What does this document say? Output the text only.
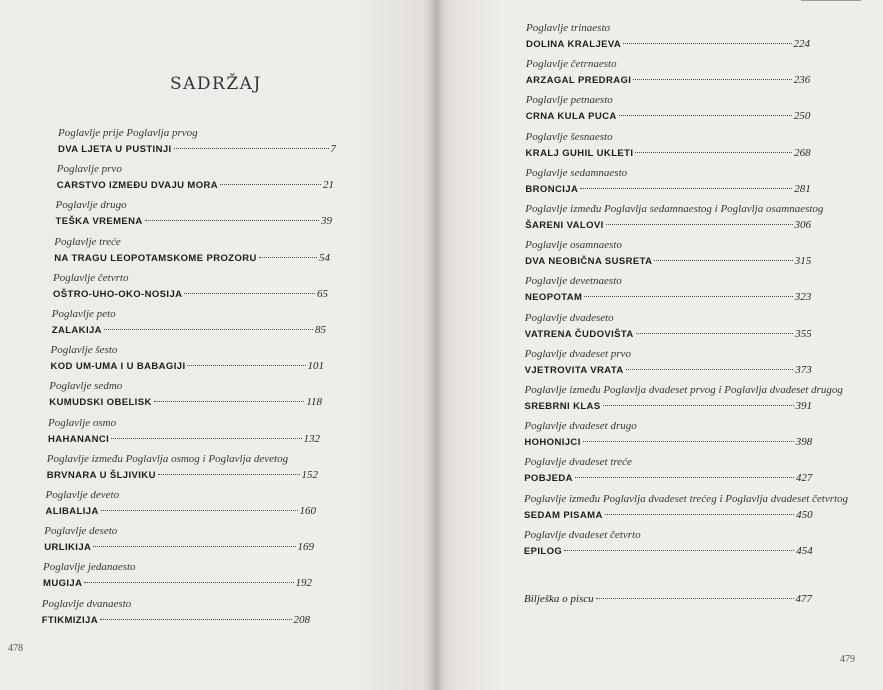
SADRŽAJ
Poglavlje prije Poglavlja prvog
DVA LJETA U PUSTINJI	7
Poglavlje prvo
CARSTVO IZMEĐU DVAJU MORA	21
Poglavlje drugo
TEŠKA VREMENA	39
Poglavlje treće
NA TRAGU LEOPOTAMSKOME PROZORU	54
Poglavlje četvrto
OŠTRO-UHO-OKO-NOSIJA	65
Poglavlje peto
ZALAKIJA	85
Poglavlje šesto
KOD UM-UMA I U BABAGIJI	101
Poglavlje sedmo
KUMUDSKI OBELISK	118
Poglavlje osmo
HAHANANCI	132
Poglavlje između Poglavlja osmog i Poglavlja devetog
BRVNARA U ŠLJIVIKU	152
Poglavlje deveto
ALIBALIJA	160
Poglavlje deseto
URLIKIJA	169
Poglavlje jedanaesto
MUGIJA	192
Poglavlje dvanaesto
FTIKMIZIJA	208
478
Poglavlje trinaesto
DOLINA KRALJEVA	224
Poglavlje četrnaesto
ARZAGAL PREDRAGI	236
Poglavlje petnaesto
CRNA KULA PUCA	250
Poglavlje šesnaesto
KRALJ GUHIL UKLETI	268
Poglavlje sedamnaesto
BRONCIJA	281
Poglavlje između Poglavlja sedamnaestog i Poglavlja osamnaestog
ŠARENI VALOVI	306
Poglavlje osamnaesto
DVA NEOBIČNA SUSRETA	315
Poglavlje devetnaesto
NEOPOTAM	323
Poglavlje dvadeseto
VATRENA ČUDOVIŠTA	355
Poglavlje dvadeset prvo
VJETROVITA VRATA	373
Poglavlje između Poglavlja dvadeset prvog i Poglavlja dvadeset drugog
SREBRNI KLAS	391
Poglavlje dvadeset drugo
HOHONIJCI	398
Poglavlje dvadeset treće
POBJEDA	427
Poglavlje između Poglavlja dvadeset trećeg i Poglavlja dvadeset četvrtog
SEDAM PISAMA	450
Poglavlje dvadeset četvrto
EPILOG	454
Bilješka o piscu	477
479
